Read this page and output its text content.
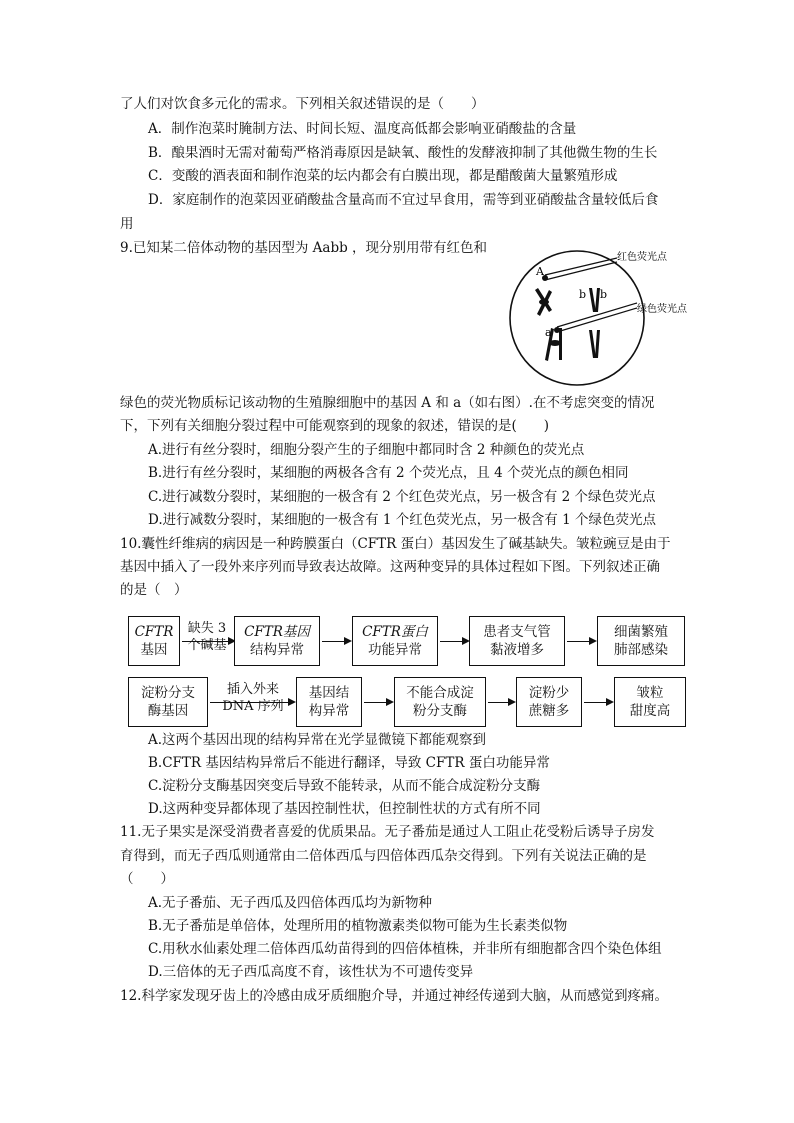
了人们对饮食多元化的需求。下列相关叙述错误的是（　　）
A．制作泡菜时腌制方法、时间长短、温度高低都会影响亚硝酸盐的含量
B．酿果酒时无需对葡萄严格消毒原因是缺氧、酸性的发酵液抑制了其他微生物的生长
C．变酸的酒表面和制作泡菜的坛内都会有白膜出现，都是醋酸菌大量繁殖形成
D．家庭制作的泡菜因亚硝酸盐含量高而不宜过早食用，需等到亚硝酸盐含量较低后食
用
9.已知某二倍体动物的基因型为 Aabb ，现分别用带有红色和
A
b b
a
红色荧光点
绿色荧光点
绿色的荧光物质标记该动物的生殖腺细胞中的基因 A 和 a（如右图）.在不考虑突变的情况
下，下列有关细胞分裂过程中可能观察到的现象的叙述，错误的是(　　)
A.进行有丝分裂时，细胞分裂产生的子细胞中都同时含 2 种颜色的荧光点
B.进行有丝分裂时，某细胞的两极各含有 2 个荧光点，且 4 个荧光点的颜色相同
C.进行减数分裂时，某细胞的一极含有 2 个红色荧光点，另一极含有 2 个绿色荧光点
D.进行减数分裂时，某细胞的一极含有 1 个红色荧光点，另一极含有 1 个绿色荧光点
10.囊性纤维病的病因是一种跨膜蛋白（CFTR 蛋白）基因发生了碱基缺失。皱粒豌豆是由于
基因中插入了一段外来序列而导致表达故障。这两种变异的具体过程如下图。下列叙述正确
的是（　）
CFTR
基因
缺失 3
个碱基
CFTR基因
结构异常
CFTR蛋白
功能异常
患者支气管
黏液增多
细菌繁殖
肺部感染
淀粉分支
酶基因
插入外来
DNA 序列
基因结
构异常
不能合成淀
粉分支酶
淀粉少
蔗糖多
皱粒
甜度高
A.这两个基因出现的结构异常在光学显微镜下都能观察到
B.CFTR 基因结构异常后不能进行翻译，导致 CFTR 蛋白功能异常
C.淀粉分支酶基因突变后导致不能转录，从而不能合成淀粉分支酶
D.这两种变异都体现了基因控制性状，但控制性状的方式有所不同
11.无子果实是深受消费者喜爱的优质果品。无子番茄是通过人工阻止花受粉后诱导子房发
育得到，而无子西瓜则通常由二倍体西瓜与四倍体西瓜杂交得到。下列有关说法正确的是
（　　）
A.无子番茄、无子西瓜及四倍体西瓜均为新物种
B.无子番茄是单倍体，处理所用的植物激素类似物可能为生长素类似物
C.用秋水仙素处理二倍体西瓜幼苗得到的四倍体植株，并非所有细胞都含四个染色体组
D.三倍体的无子西瓜高度不育，该性状为不可遗传变异
12.科学家发现牙齿上的冷感由成牙质细胞介导，并通过神经传递到大脑，从而感觉到疼痛。
